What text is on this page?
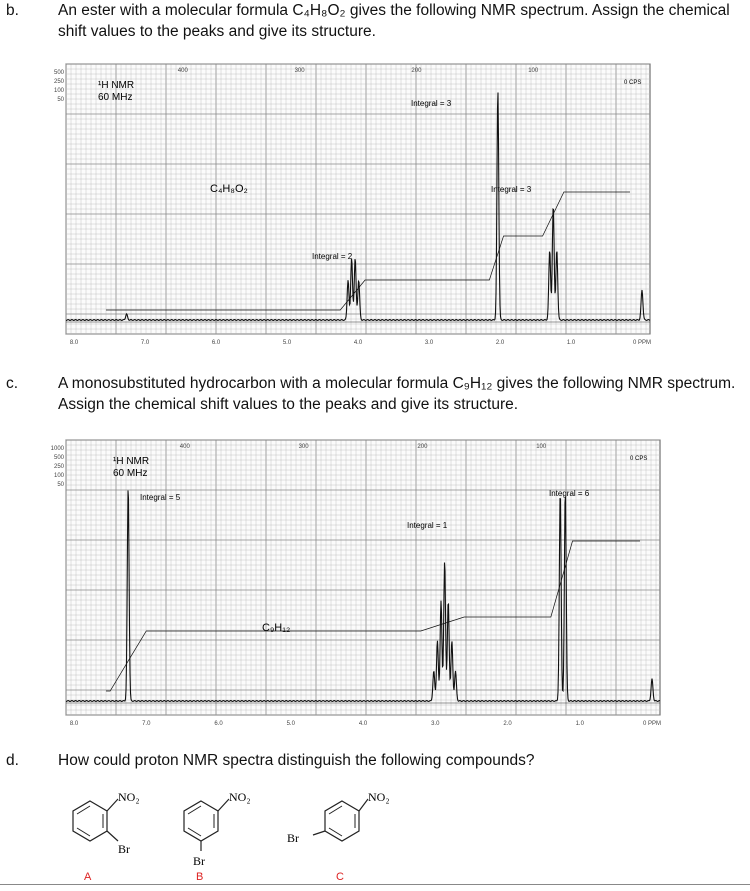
b.	An ester with a molecular formula C₄H₈O₂ gives the following NMR spectrum. Assign the chemical
shift values to the peaks and give its structure.
¹H NMR
60 MHz
C₄H₈O₂
Integral = 3
Integral = 3
Integral = 2
0 CPS
500
250
100
50
400	300	200	100
8.0	7.0	6.0	5.0	4.0	3.0	2.0	1.0	0 PPM
c.	A monosubstituted hydrocarbon with a molecular formula C₉H₁₂ gives the following NMR spectrum.
Assign the chemical shift values to the peaks and give its structure.
¹H NMR
60 MHz
C₉H₁₂
Integral = 5
Integral = 1
Integral = 6
0 CPS
1000
500
250
100
50
400	300	200	100
8.0	7.0	6.0	5.0	4.0	3.0	2.0	1.0	0 PPM
d.	How could proton NMR spectra distinguish the following compounds?
NO₂
Br
NO₂
Br
NO₂
Br
A	B	C
